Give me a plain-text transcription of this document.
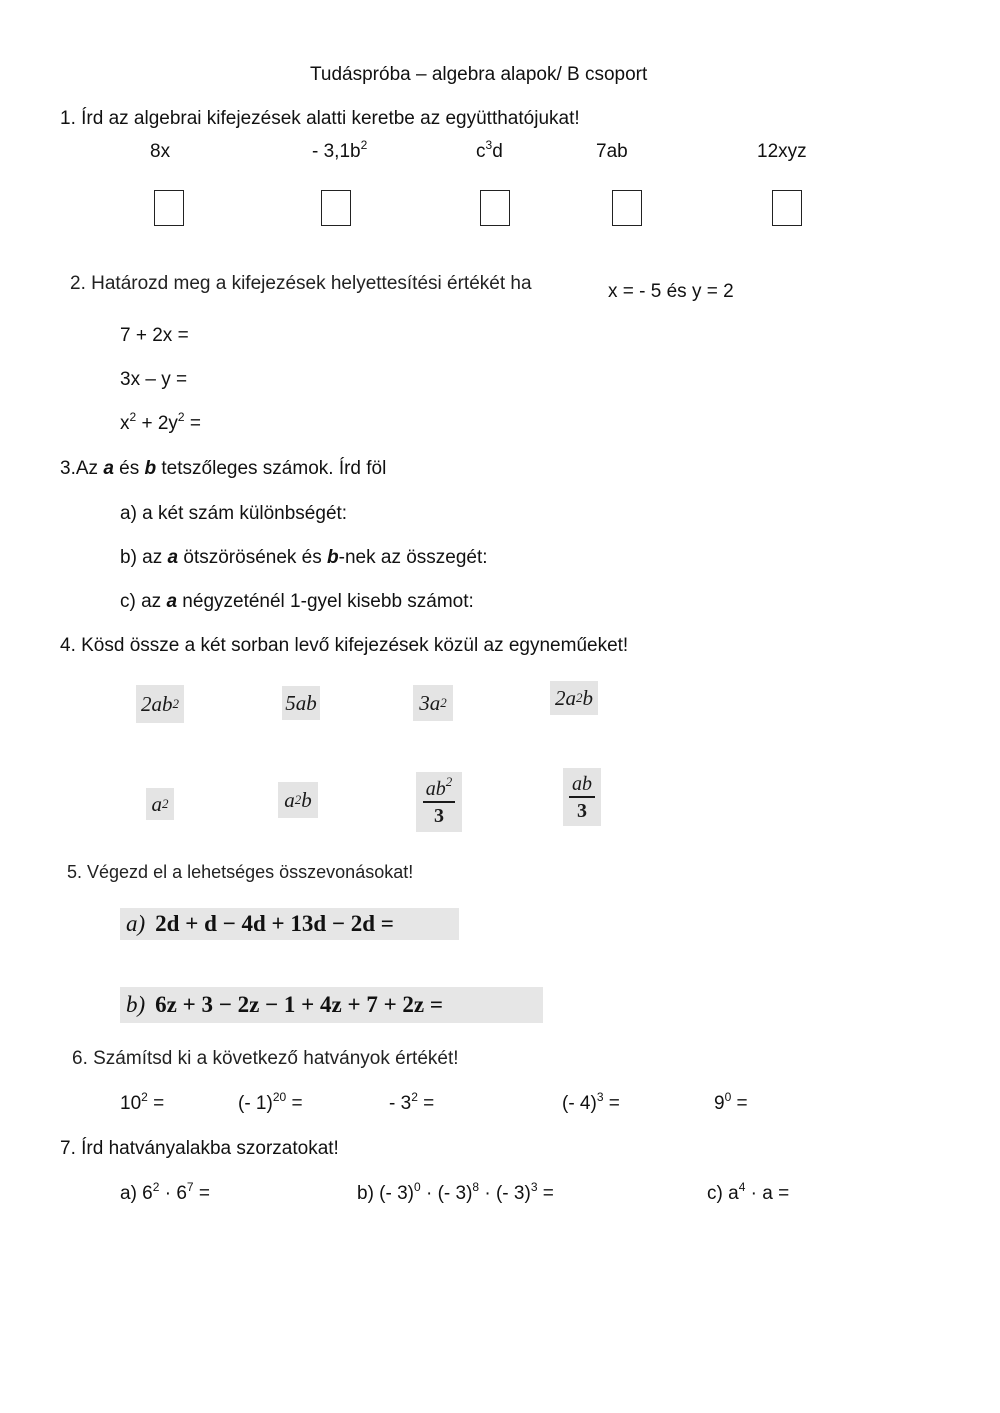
Tudáspróba – algebra alapok/ B csoport
1. Írd az algebrai kifejezések alatti keretbe az együtthatójukat!
8x	- $3,1b^2$	$c^3d$	7ab	12xyz
2. Határozd meg a kifejezések helyettesítési értékét ha	x = - 5 és y = 2
7 + 2x =
3x – y =
$x^2 + 2y^2$ =
3.Az a és b tetszőleges számok. Írd föl
a) a két szám különbségét:
b) az a ötszörösének és b-nek az összegét:
c) az a négyzeténél 1-gyel kisebb számot:
4. Kösd össze a két sorban levő kifejezések közül az egyneműeket!
2ab 2	5ab	3a 2	2a 2 b
a 2	a 2 b	$\frac{ab^2}{3}$	$\frac{ab}{3}$
5. Végezd el a lehetséges összevonásokat!
a) 2d + d − 4d + 13d − 2d =
b) 6z + 3 − 2z − 1 + 4z + 7 + 2z =
6. Számítsd ki a következő hatványok értékét!
$10^2$ =	(- 1)$^{20}$ =	- $3^2$ =	(- 4)$^3$ =	$9^0$ =
7. Írd hatványalakba szorzatokat!
a) $6^2 \cdot 6^7$ =	b) (- 3)$^0$ · (- 3)$^8$ · (- 3)$^3$ =	c) $a^4 \cdot a$ =
